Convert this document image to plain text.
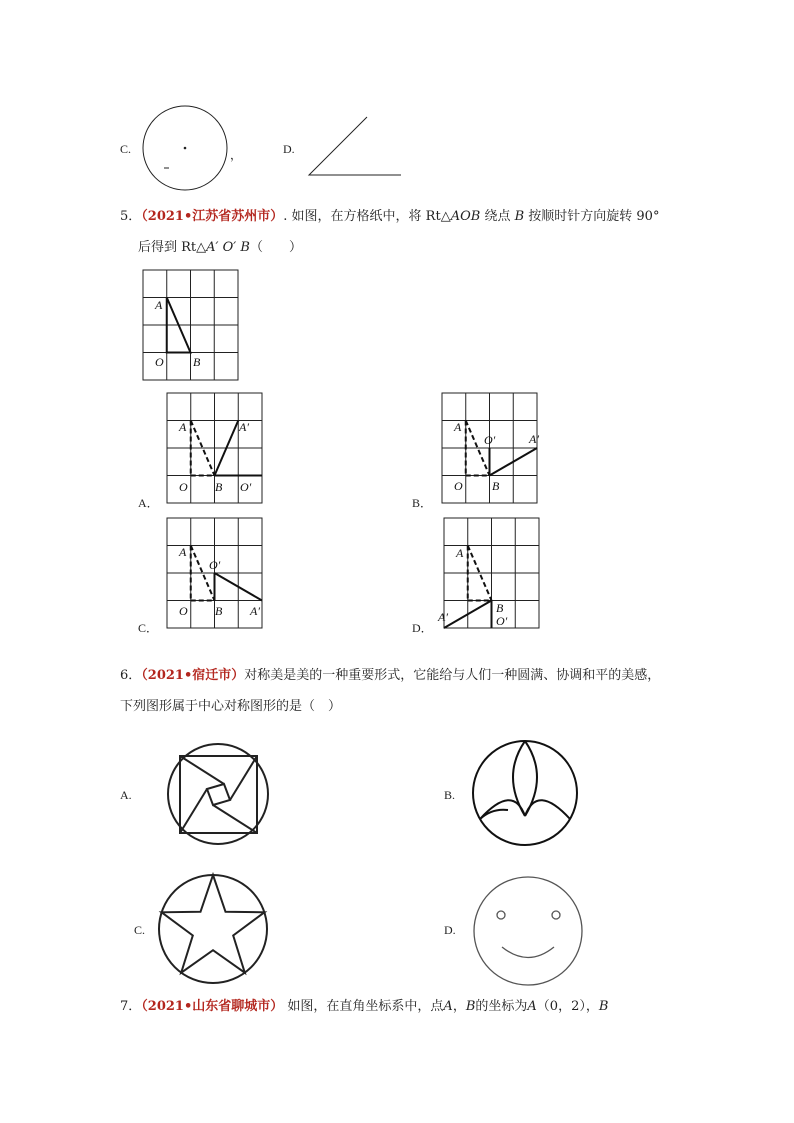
C.	，	D.
5．（2021•江苏省苏州市）. 如图，在方格纸中，将 Rt△AOB 绕点 B 按顺时针方向旋转 90°
后得到 Rt△A′ O′ B（　　）
A
O B
A．
A	A′
O B O′
B．
A
O′	A′
O B
C．
A
O′
O B A′
D．
A
A′
B
O′
6．（2021•宿迁市）对称美是美的一种重要形式，它能给与人们一种圆满、协调和平的美感，
下列图形属于中心对称图形的是（　）
A.	B.
C.	D.
7．（2021•山东省聊城市） 如图，在直角坐标系中，点A，B的坐标为A（0，2），B
